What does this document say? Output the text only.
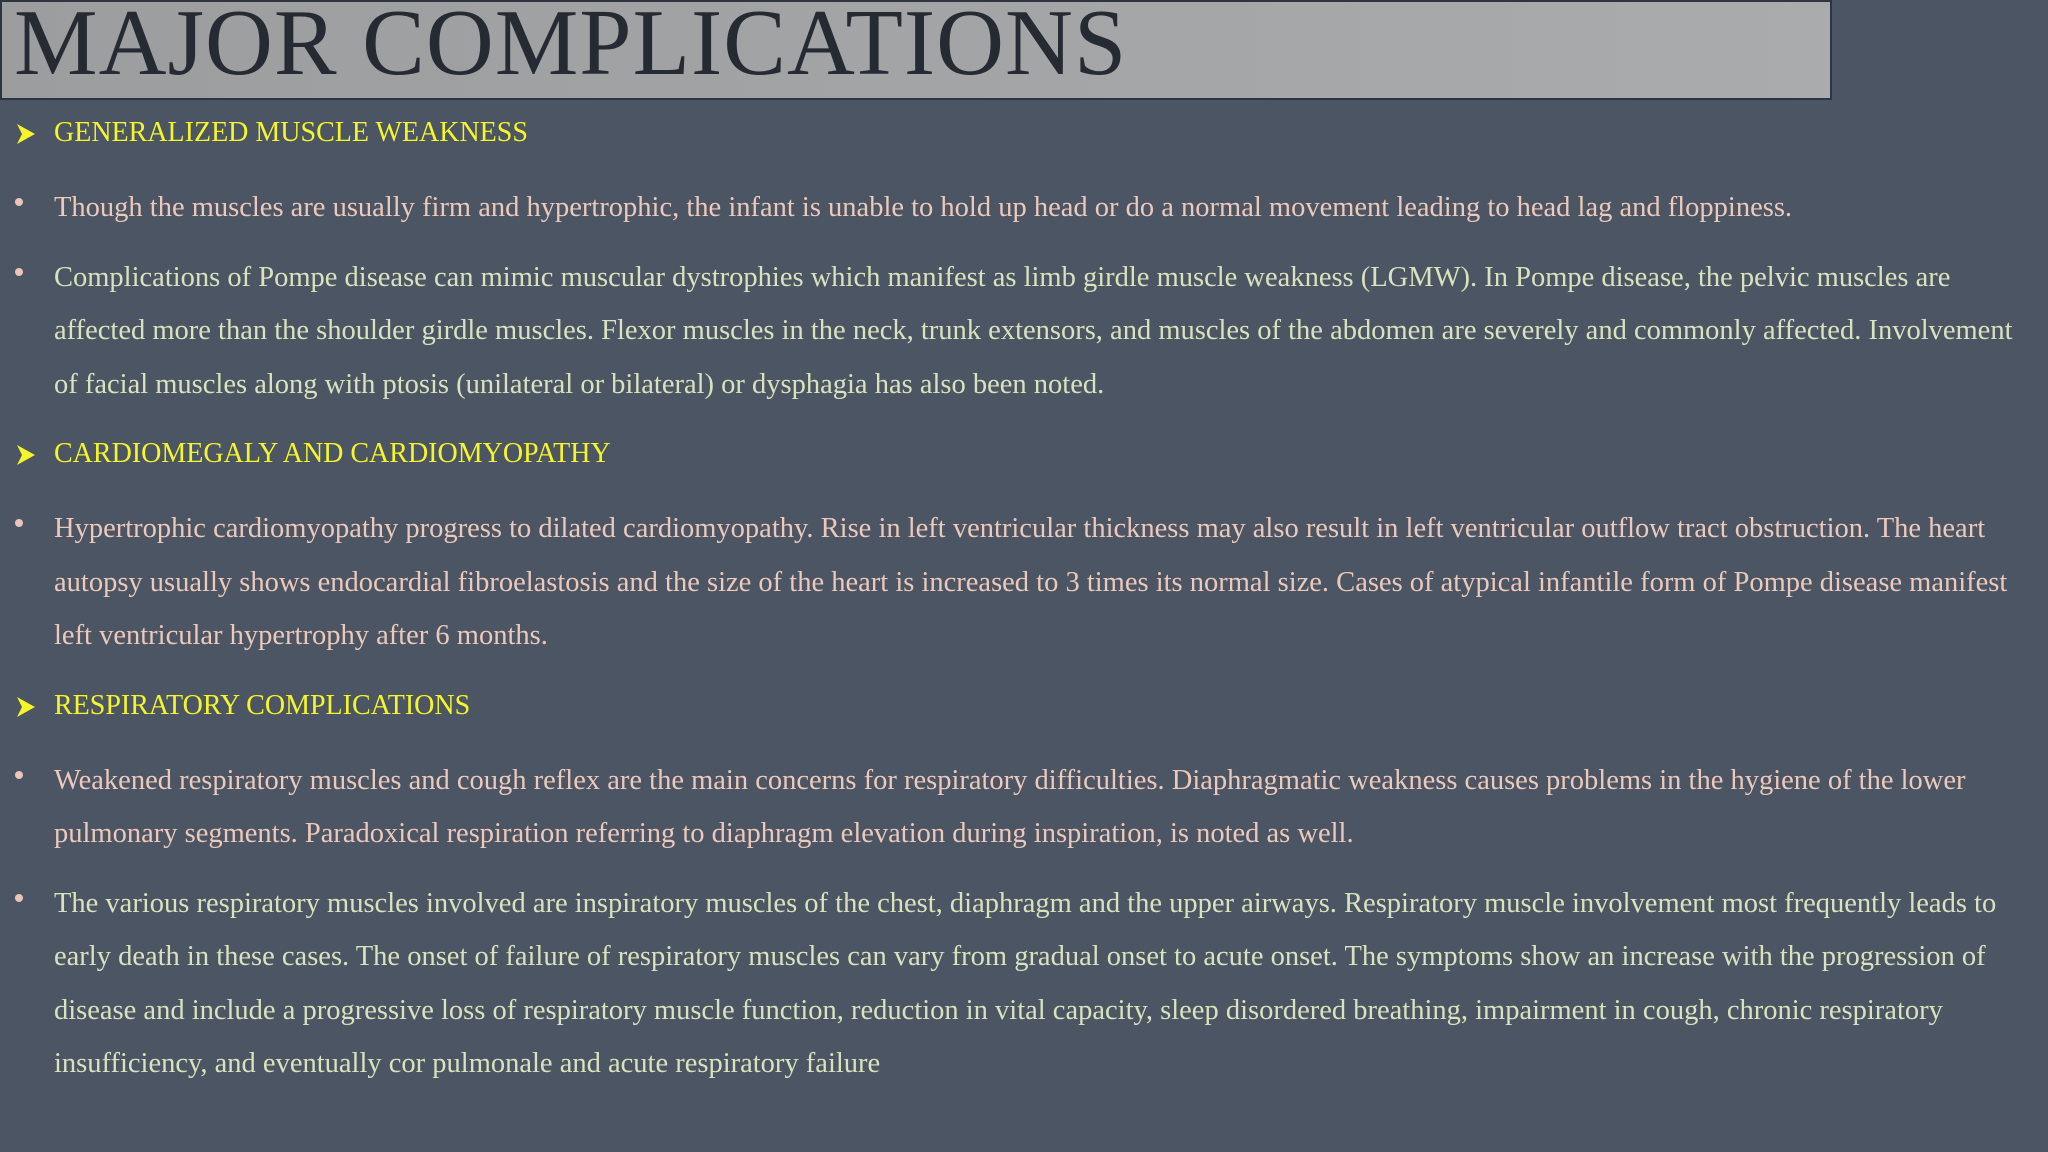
MAJOR COMPLICATIONS
GENERALIZED MUSCLE WEAKNESS
Though the muscles are usually firm and hypertrophic, the infant is unable to hold up head or do a normal movement leading to head lag and floppiness.
Complications of Pompe disease can mimic muscular dystrophies which manifest as limb girdle muscle weakness (LGMW). In Pompe disease, the pelvic muscles are affected more than the shoulder girdle muscles. Flexor muscles in the neck, trunk extensors, and muscles of the abdomen are severely and commonly affected. Involvement of facial muscles along with ptosis (unilateral or bilateral) or dysphagia has also been noted.
CARDIOMEGALY AND CARDIOMYOPATHY
Hypertrophic cardiomyopathy progress to dilated cardiomyopathy. Rise in left ventricular thickness may also result in left ventricular outflow tract obstruction. The heart autopsy usually shows endocardial fibroelastosis and the size of the heart is increased to 3 times its normal size. Cases of atypical infantile form of Pompe disease manifest left ventricular hypertrophy after 6 months.
RESPIRATORY COMPLICATIONS
Weakened respiratory muscles and cough reflex are the main concerns for respiratory difficulties. Diaphragmatic weakness causes problems in the hygiene of the lower pulmonary segments. Paradoxical respiration referring to diaphragm elevation during inspiration, is noted as well.
The various respiratory muscles involved are inspiratory muscles of the chest, diaphragm and the upper airways. Respiratory muscle involvement most frequently leads to early death in these cases. The onset of failure of respiratory muscles can vary from gradual onset to acute onset. The symptoms show an increase with the progression of disease and include a progressive loss of respiratory muscle function, reduction in vital capacity, sleep disordered breathing, impairment in cough, chronic respiratory insufficiency, and eventually cor pulmonale and acute respiratory failure
